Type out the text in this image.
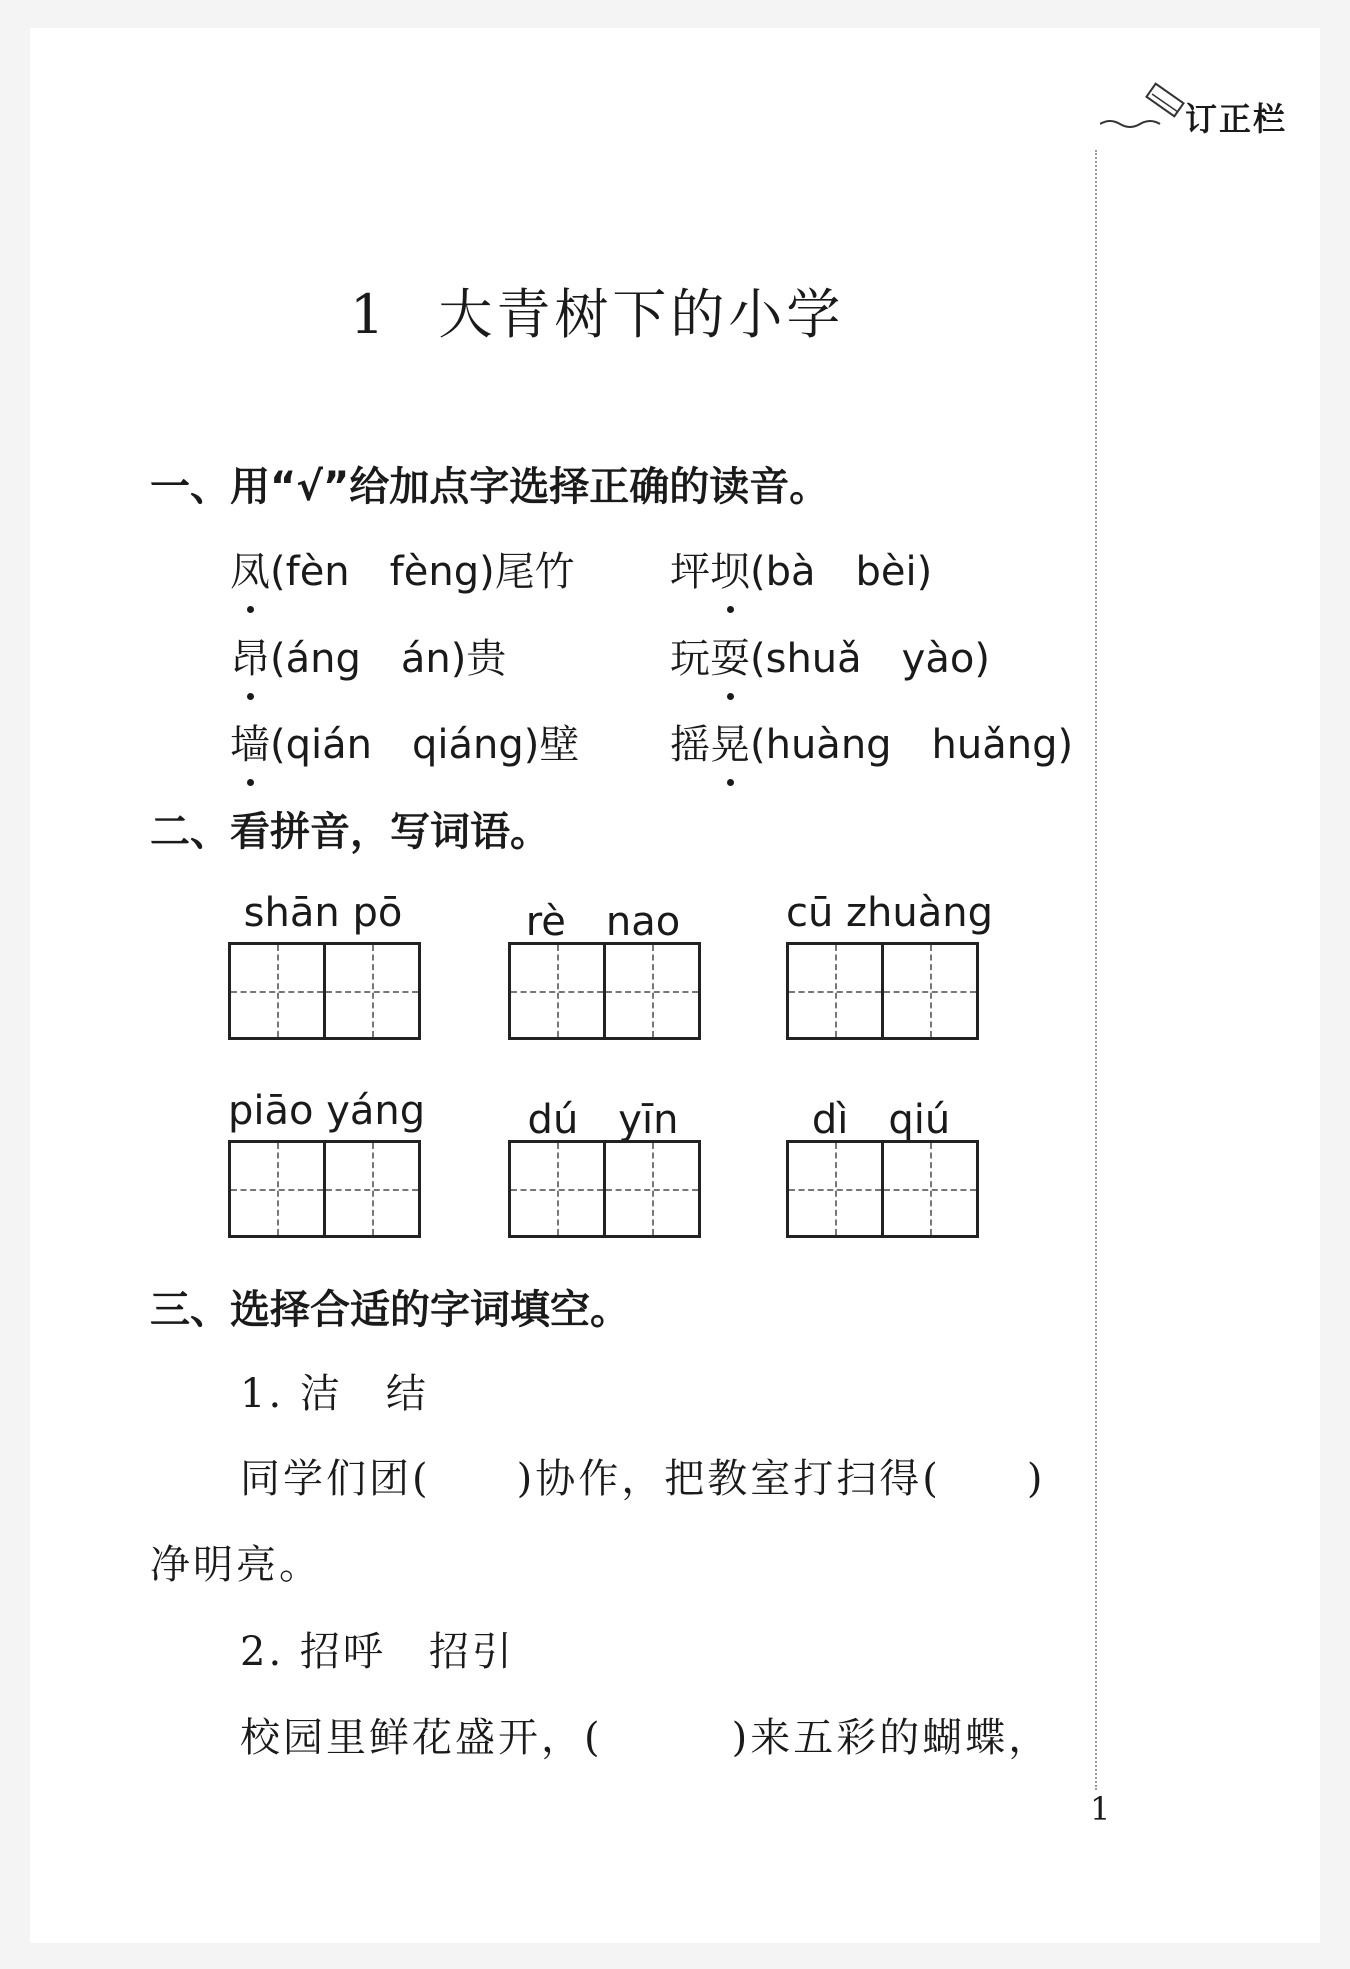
订正栏
1 大青树下的小学
一、用“√”给加点字选择正确的读音。
凤(fèn　fèng)尾竹 坪坝(bà　bèi)
昂(áng　án)贵	玩耍(shuǎ　yào)
墙(qián　qiáng)壁 摇晃(huàng　huǎng)
二、看拼音，写词语。
shān pō	rè　nao	cū zhuàng
piāo yáng	dú　yīn	dì　qiú
三、选择合适的字词填空。
1. 洁　结
同学们团(　　)协作，把教室打扫得(　　)
净明亮。
2. 招呼　招引
校园里鲜花盛开，(　　　)来五彩的蝴蝶，
1
